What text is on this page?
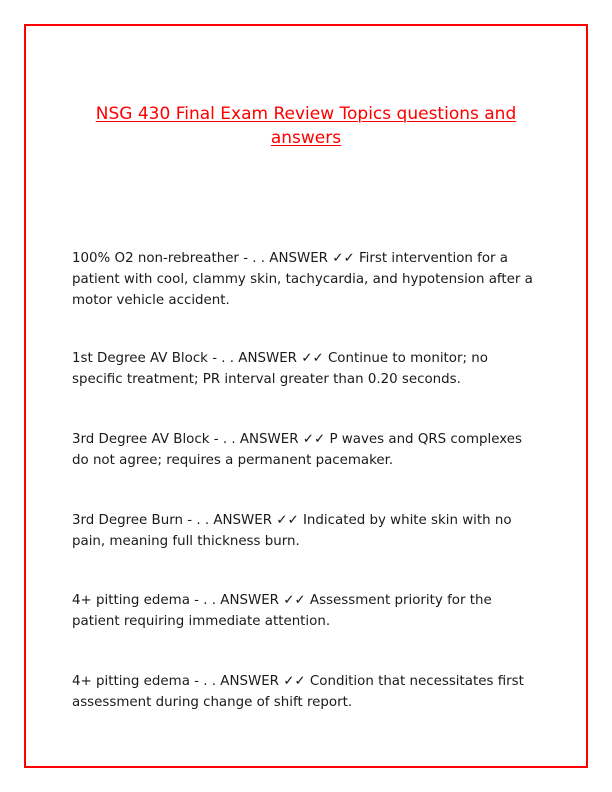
NSG 430 Final Exam Review Topics questions and answers

100% O2 non-rebreather - . . ANSWER ✓✓ First intervention for a patient with cool, clammy skin, tachycardia, and hypotension after a motor vehicle accident.

1st Degree AV Block - . . ANSWER ✓✓ Continue to monitor; no specific treatment; PR interval greater than 0.20 seconds.

3rd Degree AV Block - . . ANSWER ✓✓ P waves and QRS complexes do not agree; requires a permanent pacemaker.

3rd Degree Burn - . . ANSWER ✓✓ Indicated by white skin with no pain, meaning full thickness burn.

4+ pitting edema - . . ANSWER ✓✓ Assessment priority for the patient requiring immediate attention.

4+ pitting edema - . . ANSWER ✓✓ Condition that necessitates first assessment during change of shift report.
